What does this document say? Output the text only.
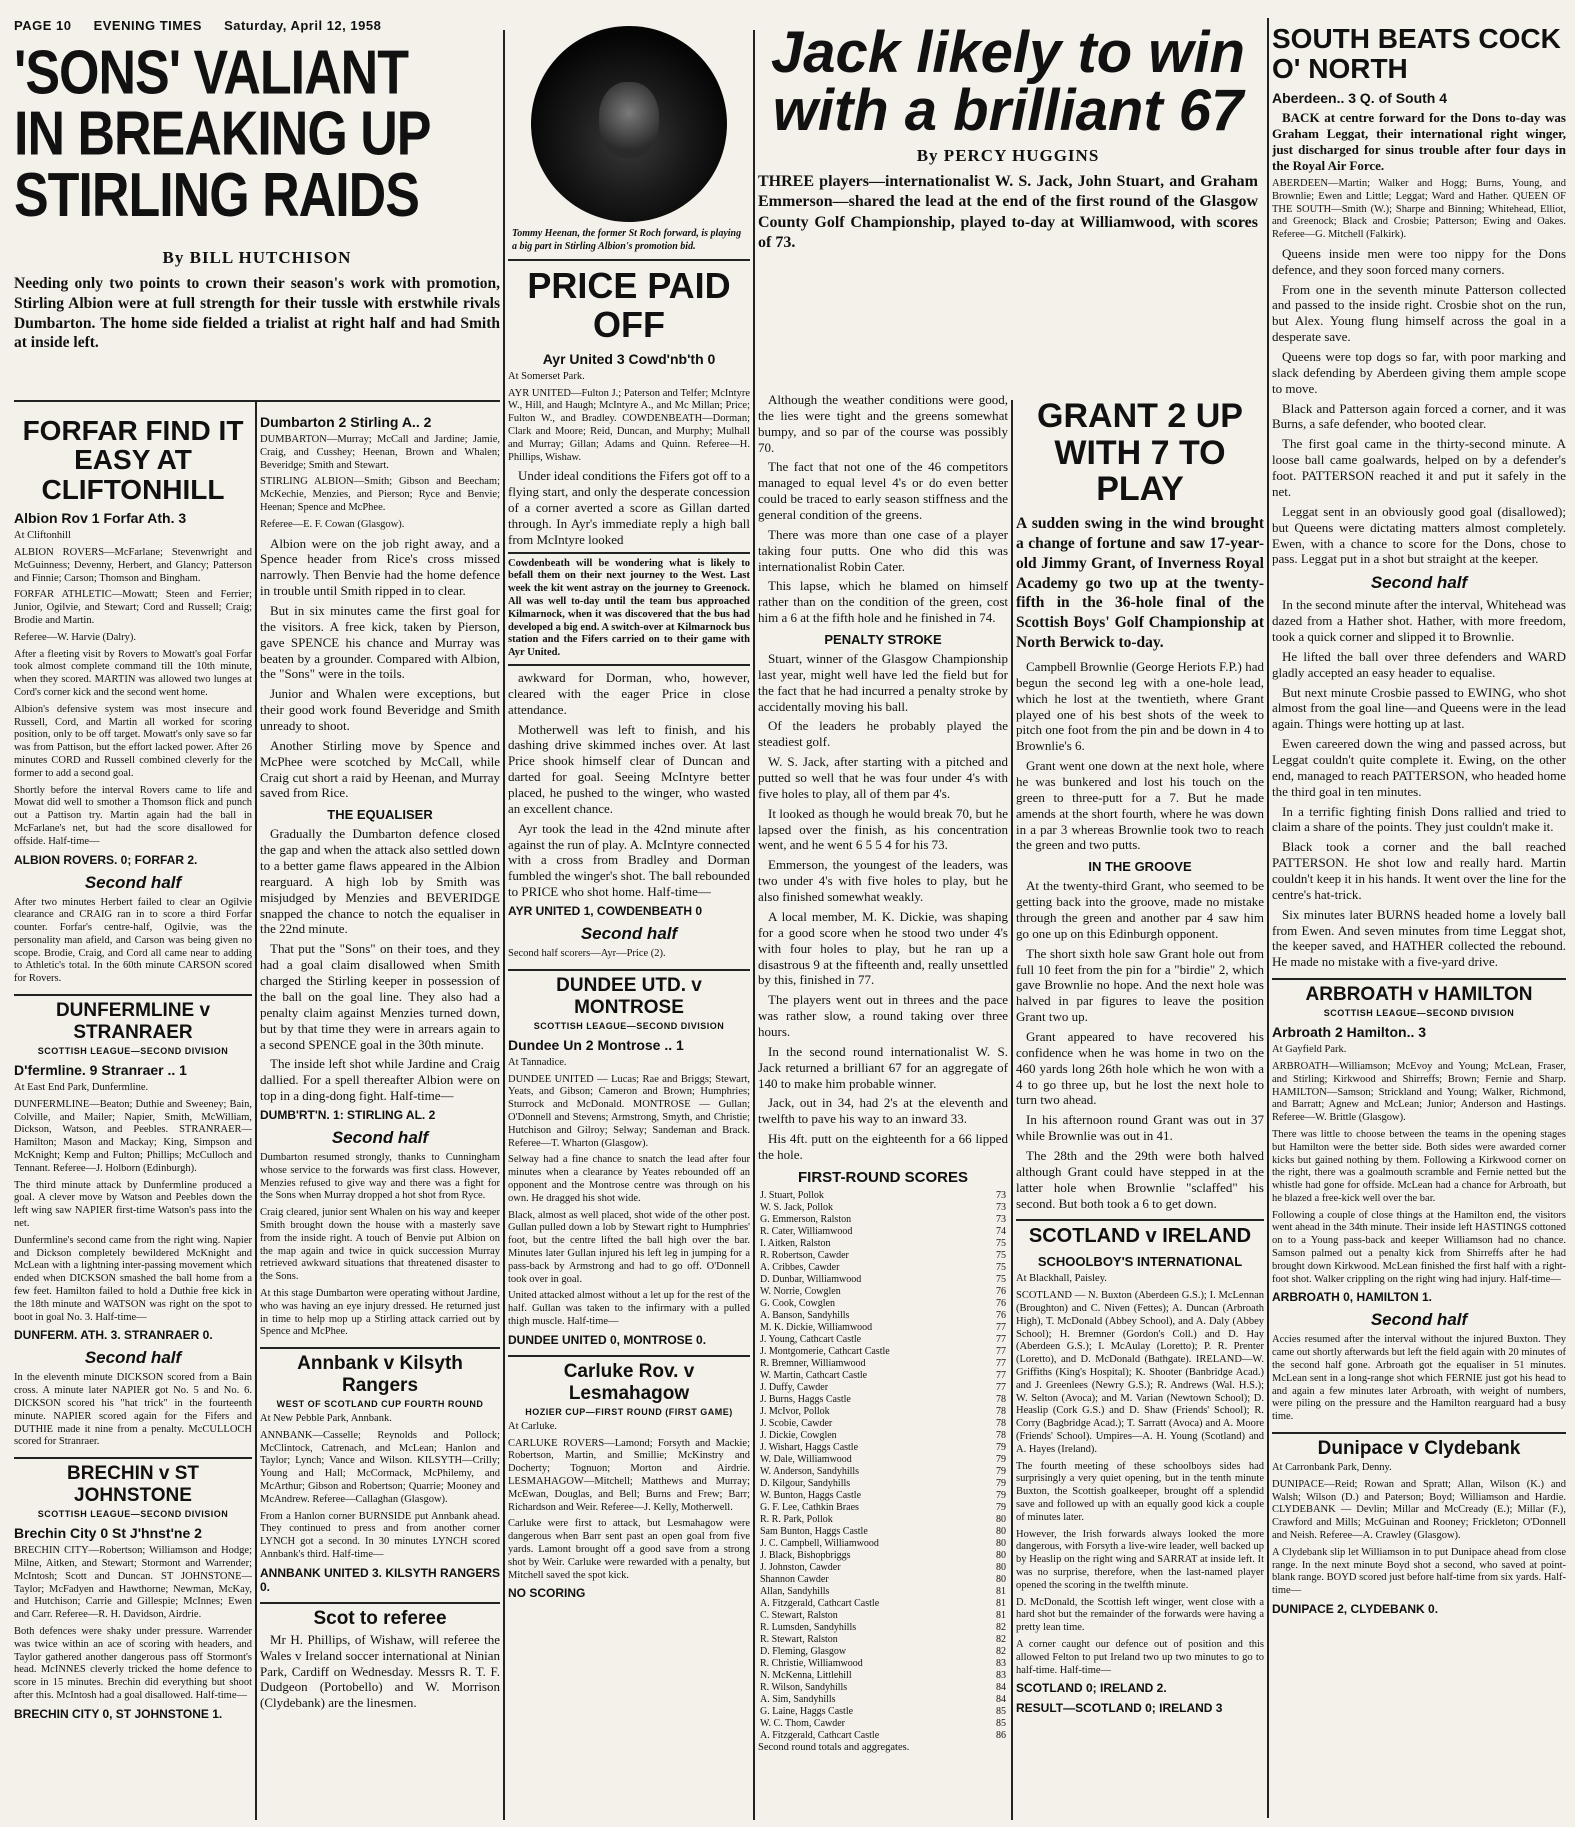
PAGE 10 EVENING TIMES Saturday, April 12, 1958
'SONS' VALIANT IN BREAKING UP STIRLING RAIDS
By BILL HUTCHISON
Needing only two points to crown their season's work with promotion, Stirling Albion were at full strength for their tussle with erstwhile rivals Dumbarton. The home side fielded a trialist at right half and had Smith at inside left.
FORFAR FIND IT EASY AT CLIFTONHILL
Albion Rov 1 Forfar Ath. 3

At Cliftonhill

ALBION ROVERS—McFarlane; Stevenwright and McGuinness; Devenny, Herbert, and Glancy; Patterson and Finnie; Carson; Thomson and Bingham.

FORFAR ATHLETIC—Mowatt; Steen and Ferrier; Junior, Ogilvie, and Stewart; Cord and Russell; Craig; Brodie and Martin.

Referee—W. Harvie (Dalry).

After a fleeting visit by Rovers to Mowatt's goal Forfar took almost complete command till the 10th minute, when they scored. MARTIN was allowed two lunges at Cord's corner kick and the second went home.

Albion's defensive system was most insecure and Russell, Cord, and Martin all worked for scoring position, only to be off target. Mowatt's only save so far was from Pattison, but the effort lacked power. After 26 minutes CORD and Russell combined cleverly for the former to add a second goal.

Shortly before the interval Rovers came to life and Mowat did well to smother a Thomson flick and punch out a Pattison try. Martin again had the ball in McFarlane's net, but had the score disallowed for offside. Half-time—

ALBION ROVERS. 0; FORFAR 2.
Second half

After two minutes Herbert failed to clear an Ogilvie clearance and CRAIG ran in to score a third Forfar counter. Forfar's centre-half, Ogilvie, was the personality man afield, and Carson was being given no scope. Brodie, Craig, and Cord all came near to adding to Athletic's total. In the 60th minute CARSON scored for Rovers.

DUNFERMLINE v STRANRAER
SCOTTISH LEAGUE—SECOND DIVISION
D'fermline. 9 Stranraer .. 1

At East End Park, Dunfermline.

DUNFERMLINE—Beaton; Duthie and Sweeney; Bain, Colville, and Mailer; Napier, Smith, McWilliam, Dickson, Watson, and Peebles. STRANRAER—Hamilton; Mason and Mackay; King, Simpson and McKnight; Kemp and Fulton; Phillips; McCulloch and Tennant. Referee—J. Holborn (Edinburgh).

The third minute attack by Dunfermline produced a goal. A clever move by Watson and Peebles down the left wing saw NAPIER first-time Watson's pass into the net.

Dunfermline's second came from the right wing. Napier and Dickson completely bewildered McKnight and McLean with a lightning inter-passing movement which ended when DICKSON smashed the ball home from a few feet. Hamilton failed to hold a Duthie free kick in the 18th minute and WATSON was right on the spot to boot in goal No. 3. Half-time—

DUNFERM. ATH. 3. STRANRAER 0.
Second half

In the eleventh minute DICKSON scored from a Bain cross. A minute later NAPIER got No. 5 and No. 6. DICKSON scored his "hat trick" in the fourteenth minute. NAPIER scored again for the Fifers and DUTHIE made it nine from a penalty. McCULLOCH scored for Stranraer.

BRECHIN v ST JOHNSTONE
SCOTTISH LEAGUE—SECOND DIVISION
Brechin City 0 St J'hnst'ne 2

BRECHIN CITY—Robertson; Williamson and Hodge; Milne, Aitken, and Stewart; Stormont and Warrender; McIntosh; Scott and Duncan. ST JOHNSTONE—Taylor; McFadyen and Hawthorne; Newman, McKay, and Hutchison; Carrie and Gillespie; McInnes; Ewen and Carr. Referee—R. H. Davidson, Airdrie.

Both defences were shaky under pressure. Warrender was twice within an ace of scoring with headers, and Taylor gathered another dangerous pass off Stormont's head. McINNES cleverly tricked the home defence to score in 15 minutes. Brechin did everything but shoot after this. McIntosh had a goal disallowed. Half-time—

BRECHIN CITY 0, ST JOHNSTONE 1.
Dumbarton 2 Stirling A.. 2

DUMBARTON—Murray; McCall and Jardine; Jamie, Craig, and Cusshey; Heenan, Brown and Whalen; Beveridge; Smith and Stewart.

STIRLING ALBION—Smith; Gibson and Beecham; McKechie, Menzies, and Pierson; Ryce and Benvie; Heenan; Spence and McPhee.

Referee—E. F. Cowan (Glasgow).

Albion were on the job right away, and a Spence header from Rice's cross missed narrowly. Then Benvie had the home defence in trouble until Smith ripped in to clear.

But in six minutes came the first goal for the visitors. A free kick, taken by Pierson, gave SPENCE his chance and Murray was beaten by a grounder. Compared with Albion, the "Sons" were in the toils.

Junior and Whalen were exceptions, but their good work found Beveridge and Smith unready to shoot.

Another Stirling move by Spence and McPhee were scotched by McCall, while Craig cut short a raid by Heenan, and Murray saved from Rice.

THE EQUALISER

Gradually the Dumbarton defence closed the gap and when the attack also settled down to a better game flaws appeared in the Albion rearguard. A high lob by Smith was misjudged by Menzies and BEVERIDGE snapped the chance to notch the equaliser in the 22nd minute.

That put the "Sons" on their toes, and they had a goal claim disallowed when Smith charged the Stirling keeper in possession of the ball on the goal line. They also had a penalty claim against Menzies turned down, but by that time they were in arrears again to a second SPENCE goal in the 30th minute.

The inside left shot while Jardine and Craig dallied. For a spell thereafter Albion were on top in a ding-dong fight. Half-time—

DUMB'RT'N. 1: STIRLING AL. 2
Second half

Dumbarton resumed strongly, thanks to Cunningham whose service to the forwards was first class. However, Menzies refused to give way and there was a fight for the Sons when Murray dropped a hot shot from Ryce.

Craig cleared, junior sent Whalen on his way and keeper Smith brought down the house with a masterly save from the inside right. A touch of Benvie put Albion on the map again and twice in quick succession Murray retrieved awkward situations that threatened disaster to the Sons.

At this stage Dumbarton were operating without Jardine, who was having an eye injury dressed. He returned just in time to help mop up a Stirling attack carried out by Spence and McPhee.

Annbank v Kilsyth Rangers
WEST OF SCOTLAND CUP FOURTH ROUND

At New Pebble Park, Annbank.

ANNBANK—Casselle; Reynolds and Pollock; McClintock, Catrenach, and McLean; Hanlon and Taylor; Lynch; Vance and Wilson. KILSYTH—Crilly; Young and Hall; McCormack, McPhilemy, and McArthur; Gibson and Robertson; Quarrie; Mooney and McAndrew. Referee—Callaghan (Glasgow).

From a Hanlon corner BURNSIDE put Annbank ahead. They continued to press and from another corner LYNCH got a second. In 30 minutes LYNCH scored Annbank's third. Half-time—

ANNBANK UNITED 3. KILSYTH RANGERS 0.
Scot to referee

Mr H. Phillips, of Wishaw, will referee the Wales v Ireland soccer international at Ninian Park, Cardiff on Wednesday. Messrs R. T. F. Dudgeon (Portobello) and W. Morrison (Clydebank) are the linesmen.

Tommy Heenan, the former St Roch forward, is playing a big part in Stirling Albion's promotion bid.
PRICE PAID OFF
Ayr United 3 Cowd'nb'th 0

At Somerset Park.

AYR UNITED—Fulton J.; Paterson and Telfer; McIntyre W., Hill, and Haugh; McIntyre A., and Mc Millan; Price; Fulton W., and Bradley. COWDENBEATH—Dorman; Clark and Moore; Reid, Duncan, and Murphy; Mulhall and Murray; Gillan; Adams and Quinn. Referee—H. Phillips, Wishaw.

Under ideal conditions the Fifers got off to a flying start, and only the desperate concession of a corner averted a score as Gillan darted through. In Ayr's immediate reply a high ball from McIntyre looked

Cowdenbeath will be wondering what is likely to befall them on their next journey to the West. Last week the kit went astray on the journey to Greenock. All was well to-day until the team bus approached Kilmarnock, when it was discovered that the bus had developed a big end. A switch-over at Kilmarnock bus station and the Fifers carried on to their game with Ayr United.

awkward for Dorman, who, however, cleared with the eager Price in close attendance.

Motherwell was left to finish, and his dashing drive skimmed inches over. At last Price shook himself clear of Duncan and darted for goal. Seeing McIntyre better placed, he pushed to the winger, who wasted an excellent chance.

Ayr took the lead in the 42nd minute after against the run of play. A. McIntyre connected with a cross from Bradley and Dorman fumbled the winger's shot. The ball rebounded to PRICE who shot home. Half-time—

AYR UNITED 1, COWDENBEATH 0
Second half

Second half scorers—Ayr—Price (2).

DUNDEE UTD. v MONTROSE
SCOTTISH LEAGUE—SECOND DIVISION
Dundee Un 2 Montrose .. 1

At Tannadice.

DUNDEE UNITED — Lucas; Rae and Briggs; Stewart, Yeats, and Gibson; Cameron and Brown; Humphries; Sturrock and McDonald. MONTROSE — Gullan; O'Donnell and Stevens; Armstrong, Smyth, and Christie; Hutchison and Gilroy; Selway; Sandeman and Brack. Referee—T. Wharton (Glasgow).

Selway had a fine chance to snatch the lead after four minutes when a clearance by Yeates rebounded off an opponent and the Montrose centre was through on his own. He dragged his shot wide.

Black, almost as well placed, shot wide of the other post. Gullan pulled down a lob by Stewart right to Humphries' foot, but the centre lifted the ball high over the bar. Minutes later Gullan injured his left leg in jumping for a pass-back by Armstrong and had to go off. O'Donnell took over in goal.

United attacked almost without a let up for the rest of the half. Gullan was taken to the infirmary with a pulled thigh muscle. Half-time—

DUNDEE UNITED 0, MONTROSE 0.
Carluke Rov. v Lesmahagow
HOZIER CUP—FIRST ROUND (FIRST GAME)

At Carluke.

CARLUKE ROVERS—Lamond; Forsyth and Mackie; Robertson, Martin, and Smillie; McKinstry and Docherty; Tognuon; Morton and Airdrie. LESMAHAGOW—Mitchell; Matthews and Murray; McEwan, Douglas, and Bell; Burns and Frew; Barr; Richardson and Weir. Referee—J. Kelly, Motherwell.

Carluke were first to attack, but Lesmahagow were dangerous when Barr sent past an open goal from five yards. Lamont brought off a good save from a strong shot by Weir. Carluke were rewarded with a penalty, but Mitchell saved the spot kick.

NO SCORING
Jack likely to win with a brilliant 67
By PERCY HUGGINS
THREE players—internationalist W. S. Jack, John Stuart, and Graham Emmerson—shared the lead at the end of the first round of the Glasgow County Golf Championship, played to-day at Williamwood, with scores of 73.

Although the weather conditions were good, the lies were tight and the greens somewhat bumpy, and so par of the course was possibly 70.

The fact that not one of the 46 competitors managed to equal level 4's or do even better could be traced to early season stiffness and the general condition of the greens.

There was more than one case of a player taking four putts. One who did this was internationalist Robin Cater.

This lapse, which he blamed on himself rather than on the condition of the green, cost him a 6 at the fifth hole and he finished in 74.

PENALTY STROKE

Stuart, winner of the Glasgow Championship last year, might well have led the field but for the fact that he had incurred a penalty stroke by accidentally moving his ball.

Of the leaders he probably played the steadiest golf.

W. S. Jack, after starting with a pitched and putted so well that he was four under 4's with five holes to play, all of them par 4's.

It looked as though he would break 70, but he lapsed over the finish, as his concentration went, and he went 6 5 5 4 for his 73.

Emmerson, the youngest of the leaders, was two under 4's with five holes to play, but he also finished somewhat weakly.

A local member, M. K. Dickie, was shaping for a good score when he stood two under 4's with four holes to play, but he ran up a disastrous 9 at the fifteenth and, really unsettled by this, finished in 77.

The players went out in threes and the pace was rather slow, a round taking over three hours.

In the second round internationalist W. S. Jack returned a brilliant 67 for an aggregate of 140 to make him probable winner.

Jack, out in 34, had 2's at the eleventh and twelfth to pave his way to an inward 33.

His 4ft. putt on the eighteenth for a 66 lipped the hole.

FIRST-ROUND SCORES
J. Stuart, Pollok	73
W. S. Jack, Pollok	73
G. Emmerson, Ralston	73
R. Cater, Williamwood	74
I. Aitken, Ralston	75
R. Robertson, Cawder	75
A. Cribbes, Cawder	75
D. Dunbar, Williamwood	75
W. Norrie, Cowglen	76
G. Cook, Cowglen	76
A. Banson, Sandyhills	76
M. K. Dickie, Williamwood	77
J. Young, Cathcart Castle	77
J. Montgomerie, Cathcart Castle	77
R. Bremner, Williamwood	77
W. Martin, Cathcart Castle	77
J. Duffy, Cawder	77
J. Burns, Haggs Castle	78
J. McIvor, Pollok	78
J. Scobie, Cawder	78
J. Dickie, Cowglen	78
J. Wishart, Haggs Castle	79
W. Dale, Williamwood	79
W. Anderson, Sandyhills	79
D. Kilgour, Sandyhills	79
W. Bunton, Haggs Castle	79
G. F. Lee, Cathkin Braes	79
R. R. Park, Pollok	80
Sam Bunton, Haggs Castle	80
J. C. Campbell, Williamwood	80
J. Black, Bishopbriggs	80
J. Johnston, Cawder	80
Shannon Cawder	80
Allan, Sandyhills	81
A. Fitzgerald, Cathcart Castle	81
C. Stewart, Ralston	81
R. Lumsden, Sandyhills	82
R. Stewart, Ralston	82
D. Fleming, Glasgow	82
R. Christie, Williamwood	83
N. McKenna, Littlehill	83
R. Wilson, Sandyhills	84
A. Sim, Sandyhills	84
G. Laine, Haggs Castle	85
W. C. Thom, Cawder	85
A. Fitzgerald, Cathcart Castle	86

Second round totals and aggregates.

GRANT 2 UP WITH 7 TO PLAY
A sudden swing in the wind brought a change of fortune and saw 17-year-old Jimmy Grant, of Inverness Royal Academy go two up at the twenty-fifth in the 36-hole final of the Scottish Boys' Golf Championship at North Berwick to-day.

Campbell Brownlie (George Heriots F.P.) had begun the second leg with a one-hole lead, which he lost at the twentieth, where Grant played one of his best shots of the week to pitch one foot from the pin and be down in 4 to Brownlie's 6.

Grant went one down at the next hole, where he was bunkered and lost his touch on the green to three-putt for a 7. But he made amends at the short fourth, where he was down in a par 3 whereas Brownlie took two to reach the green and two putts.

IN THE GROOVE

At the twenty-third Grant, who seemed to be getting back into the groove, made no mistake through the green and another par 4 saw him go one up on this Edinburgh opponent.

The short sixth hole saw Grant hole out from full 10 feet from the pin for a "birdie" 2, which gave Brownlie no hope. And the next hole was halved in par figures to leave the position Grant two up.

Grant appeared to have recovered his confidence when he was home in two on the 460 yards long 26th hole which he won with a 4 to go three up, but he lost the next hole to turn two ahead.

In his afternoon round Grant was out in 37 while Brownlie was out in 41.

The 28th and the 29th were both halved although Grant could have stepped in at the latter hole when Brownlie "sclaffed" his second. But both took a 6 to get down.

SCOTLAND v IRELAND
SCHOOLBOY'S INTERNATIONAL

At Blackhall, Paisley.

SCOTLAND — N. Buxton (Aberdeen G.S.); I. McLennan (Broughton) and C. Niven (Fettes); A. Duncan (Arbroath High), T. McDonald (Abbey School), and A. Daly (Abbey School); H. Bremner (Gordon's Coll.) and D. Hay (Aberdeen G.S.); I. McAulay (Loretto); P. R. Prenter (Loretto), and D. McDonald (Bathgate). IRELAND—W. Griffiths (King's Hospital); K. Shooter (Banbridge Acad.) and J. Greenlees (Newry G.S.); R. Andrews (Wal. H.S.); W. Selton (Avoca); and M. Varian (Newtown School); D. Heaslip (Cork G.S.) and D. Shaw (Friends' School); R. Corry (Bagbridge Acad.); T. Sarratt (Avoca) and A. Moore (Friends' School). Umpires—A. H. Young (Scotland) and A. Hayes (Ireland).

The fourth meeting of these schoolboys sides had surprisingly a very quiet opening, but in the tenth minute Buxton, the Scottish goalkeeper, brought off a splendid save and followed up with an equally good kick a couple of minutes later.

However, the Irish forwards always looked the more dangerous, with Forsyth a live-wire leader, well backed up by Heaslip on the right wing and SARRAT at inside left. It was no surprise, therefore, when the last-named player opened the scoring in the twelfth minute.

D. McDonald, the Scottish left winger, went close with a hard shot but the remainder of the forwards were having a pretty lean time.

A corner caught our defence out of position and this allowed Felton to put Ireland two up two minutes to go to half-time. Half-time—

SCOTLAND 0; IRELAND 2.
RESULT—SCOTLAND 0; IRELAND 3
SOUTH BEATS COCK O' NORTH
Aberdeen.. 3 Q. of South 4

BACK at centre forward for the Dons to-day was Graham Leggat, their international right winger, just discharged for sinus trouble after four days in the Royal Air Force.

ABERDEEN—Martin; Walker and Hogg; Burns, Young, and Brownlie; Ewen and Little; Leggat; Ward and Hather. QUEEN OF THE SOUTH—Smith (W.); Sharpe and Binning; Whitehead, Elliot, and Greenock; Black and Crosbie; Patterson; Ewing and Oakes. Referee—G. Mitchell (Falkirk).

Queens inside men were too nippy for the Dons defence, and they soon forced many corners.

From one in the seventh minute Patterson collected and passed to the inside right. Crosbie shot on the run, but Alex. Young flung himself across the goal in a desperate save.

Queens were top dogs so far, with poor marking and slack defending by Aberdeen giving them ample scope to move.

Black and Patterson again forced a corner, and it was Burns, a safe defender, who booted clear.

The first goal came in the thirty-second minute. A loose ball came goalwards, helped on by a defender's foot. PATTERSON reached it and put it safely in the net.

Leggat sent in an obviously good goal (disallowed); but Queens were dictating matters almost completely. Ewen, with a chance to score for the Dons, chose to pass. Leggat put in a shot but straight at the keeper.

Second half

In the second minute after the interval, Whitehead was dazed from a Hather shot. Hather, with more freedom, took a quick corner and slipped it to Brownlie.

He lifted the ball over three defenders and WARD gladly accepted an easy header to equalise.

But next minute Crosbie passed to EWING, who shot almost from the goal line—and Queens were in the lead again. Things were hotting up at last.

Ewen careered down the wing and passed across, but Leggat couldn't quite complete it. Ewing, on the other end, managed to reach PATTERSON, who headed home the third goal in ten minutes.

In a terrific fighting finish Dons rallied and tried to claim a share of the points. They just couldn't make it.

Black took a corner and the ball reached PATTERSON. He shot low and really hard. Martin couldn't keep it in his hands. It went over the line for the centre's hat-trick.

Six minutes later BURNS headed home a lovely ball from Ewen. And seven minutes from time Leggat shot, the keeper saved, and HATHER collected the rebound. He made no mistake with a five-yard drive.

ARBROATH v HAMILTON
SCOTTISH LEAGUE—SECOND DIVISION
Arbroath 2 Hamilton.. 3

At Gayfield Park.

ARBROATH—Williamson; McEvoy and Young; McLean, Fraser, and Stirling; Kirkwood and Shirreffs; Brown; Fernie and Sharp. HAMILTON—Samson; Strickland and Young; Walker, Richmond, and Barratt; Agnew and McLean; Junior; Anderson and Hastings. Referee—W. Brittle (Glasgow).

There was little to choose between the teams in the opening stages but Hamilton were the better side. Both sides were awarded corner kicks but gained nothing by them. Following a Kirkwood corner on the right, there was a goalmouth scramble and Fernie netted but the whistle had gone for offside. McLean had a chance for Arbroath, but he blazed a free-kick well over the bar.

Following a couple of close things at the Hamilton end, the visitors went ahead in the 34th minute. Their inside left HASTINGS cottoned on to a Young pass-back and keeper Williamson had no chance. Samson palmed out a penalty kick from Shirreffs after he had brought down Kirkwood. McLean finished the first half with a right-foot shot. Walker crippling on the right wing had injury. Half-time—

ARBROATH 0, HAMILTON 1.
Second half

Accies resumed after the interval without the injured Buxton. They came out shortly afterwards but left the field again with 20 minutes of the second half gone. Arbroath got the equaliser in 51 minutes. McLean sent in a long-range shot which FERNIE just got his head to and again a few minutes later Arbroath, with weight of numbers, were piling on the pressure and the Hamilton rearguard had a busy time.

Dunipace v Clydebank

At Carronbank Park, Denny.

DUNIPACE—Reid; Rowan and Spratt; Allan, Wilson (K.) and Walsh; Wilson (D.) and Paterson; Boyd; Williamson and Hardie. CLYDEBANK — Devlin; Millar and McCready (E.); Millar (F.), Crawford and Mills; McGuinan and Rooney; Frickleton; O'Donnell and Neish. Referee—A. Crawley (Glasgow).

A Clydebank slip let Williamson in to put Dunipace ahead from close range. In the next minute Boyd shot a second, who saved at point-blank range. BOYD scored just before half-time from six yards. Half-time—

DUNIPACE 2, CLYDEBANK 0.
